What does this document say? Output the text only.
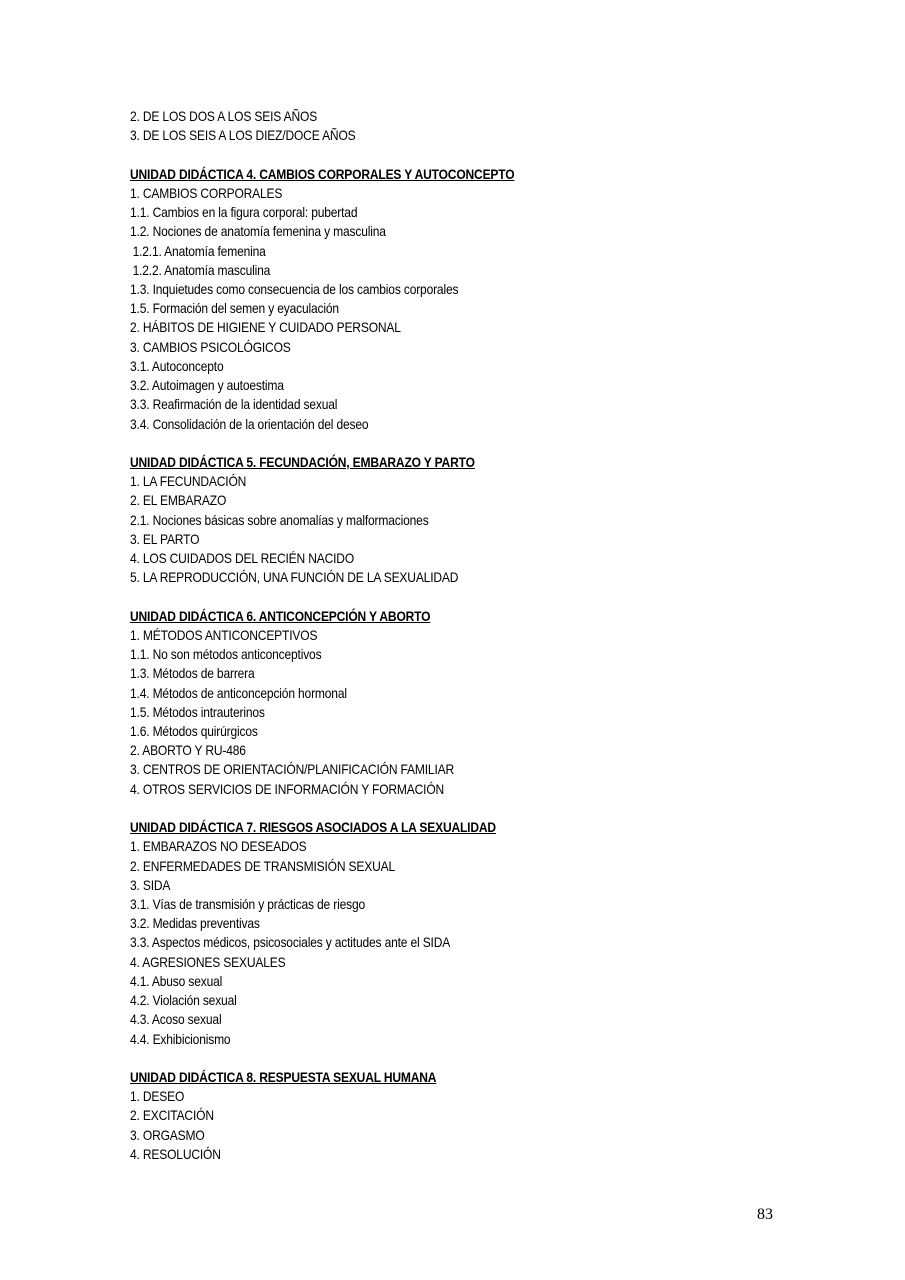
2. DE LOS DOS A LOS SEIS AÑOS
3. DE LOS SEIS A LOS DIEZ/DOCE AÑOS
UNIDAD DIDÁCTICA 4. CAMBIOS CORPORALES Y AUTOCONCEPTO
1. CAMBIOS CORPORALES
1.1. Cambios en la figura corporal: pubertad
1.2. Nociones de anatomía femenina y masculina
1.2.1. Anatomía femenina
1.2.2. Anatomía masculina
1.3. Inquietudes como consecuencia de los cambios corporales
1.5. Formación del semen y eyaculación
2. HÁBITOS DE HIGIENE Y CUIDADO PERSONAL
3. CAMBIOS PSICOLÓGICOS
3.1. Autoconcepto
3.2. Autoimagen y autoestima
3.3. Reafirmación de la identidad sexual
3.4. Consolidación de la orientación del deseo
UNIDAD DIDÁCTICA 5. FECUNDACIÓN, EMBARAZO Y PARTO
1. LA FECUNDACIÓN
2. EL EMBARAZO
2.1. Nociones básicas sobre anomalías y malformaciones
3. EL PARTO
4. LOS CUIDADOS DEL RECIÉN NACIDO
5. LA REPRODUCCIÓN, UNA FUNCIÓN DE LA SEXUALIDAD
UNIDAD DIDÁCTICA 6. ANTICONCEPCIÓN Y ABORTO
1. MÉTODOS ANTICONCEPTIVOS
1.1. No son métodos anticonceptivos
1.3. Métodos de barrera
1.4. Métodos de anticoncepción hormonal
1.5. Métodos intrauterinos
1.6. Métodos quirúrgicos
2. ABORTO Y RU-486
3. CENTROS DE ORIENTACIÓN/PLANIFICACIÓN FAMILIAR
4. OTROS SERVICIOS DE INFORMACIÓN Y FORMACIÓN
UNIDAD DIDÁCTICA 7. RIESGOS ASOCIADOS A LA SEXUALIDAD
1. EMBARAZOS NO DESEADOS
2. ENFERMEDADES DE TRANSMISIÓN SEXUAL
3. SIDA
3.1. Vías de transmisión y prácticas de riesgo
3.2. Medidas preventivas
3.3. Aspectos médicos, psicosociales y actitudes ante el SIDA
4. AGRESIONES SEXUALES
4.1. Abuso sexual
4.2. Violación sexual
4.3. Acoso sexual
4.4. Exhibicionismo
UNIDAD DIDÁCTICA 8. RESPUESTA SEXUAL HUMANA
1. DESEO
2. EXCITACIÓN
3. ORGASMO
4. RESOLUCIÓN
83
